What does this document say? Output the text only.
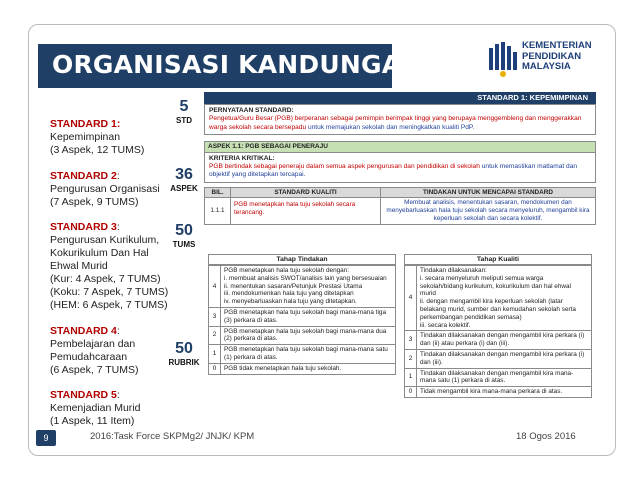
ORGANISASI KANDUNGAN
KEMENTERIAN
PENDIDIKAN
MALAYSIA
STANDARD 1:
Kepemimpinan
(3 Aspek, 12 TUMS)
STANDARD 2:
Pengurusan Organisasi
(7 Aspek, 9 TUMS)
STANDARD 3:
Pengurusan Kurikulum,
Kokurikulum Dan Hal
Ehwal Murid
(Kur: 4 Aspek, 7 TUMS)
(Koku: 7 Aspek, 7 TUMS)
(HEM: 6 Aspek, 7 TUMS)
STANDARD 4:
Pembelajaran dan
Pemudahcaraan
(6 Aspek, 7 TUMS)
STANDARD 5:
Kemenjadian Murid
(1 Aspek, 11 Item)
5
STD
36
ASPEK
50
TUMS
50
RUBRIK
STANDARD 1: KEPEMIMPINAN
PERNYATAAN STANDARD:
Pengetua/Guru Besar (PGB) berperanan sebagai pemimpin berimpak tinggi yang berupaya menggembleng dan menggerakkan warga sekolah secara bersepadu untuk memajukan sekolah dan meningkatkan kualiti PdP.
ASPEK 1.1: PGB SEBAGAI PENERAJU
KRITERIA KRITIKAL:
PGB bertindak sebagai peneraju dalam semua aspek pengurusan dan pendidikan di sekolah untuk memastikan matlamat dan objektif yang ditetapkan tercapai.
BIL.	STANDARD KUALITI	TINDAKAN UNTUK MENCAPAI STANDARD
1.1.1	PGB menetapkan hala tuju sekolah secara terancang.	Membuat analisis, menentukan sasaran, mendokumen dan menyebarluaskan hala tuju sekolah secara menyeluruh, mengambil kira keperluan sekolah dan secara kolektif.
Tahap Tindakan
4	PGB menetapkan hala tuju sekolah dengan:
i. membuat analisis SWOT/analisis lain yang bersesuaian
ii. menentukan sasaran/Petunjuk Prestasi Utama
iii. mendokumenkan hala tuju yang ditetapkan
iv. menyebarluaskan hala tuju yang ditetapkan.

3	PGB menetapkan hala tuju sekolah bagi mana-mana tiga (3) perkara di atas.
2	PGB menetapkan hala tuju sekolah bagi mana-mana dua (2) perkara di atas.
1	PGB menetapkan hala tuju sekolah bagi mana-mana satu (1) perkara di atas.
0	PGB tidak menetapkan hala tuju sekolah.
Tahap Kualiti
4	Tindakan dilaksanakan:
i. secara menyeluruh meliputi semua warga sekolah/bidang kurikulum, kokurikulum dan hal ehwal murid
ii. dengan mengambil kira keperluan sekolah (latar belakang murid, sumber dan kemudahan sekolah serta perkembangan pendidikan semasa)
iii. secara kolektif.

3	Tindakan dilaksanakan dengan mengambil kira perkara (i) dan (ii) atau perkara (i) dan (iii).
2	Tindakan dilaksanakan dengan mengambil kira perkara (i) dan (iii).
1	Tindakan dilaksanakan dengan mengambil kira mana-mana satu (1) perkara di atas.
0	Tidak mengambil kira mana-mana perkara di atas.
9	2016:Task Force SKPMg2/ JNJK/ KPM	18 Ogos 2016
